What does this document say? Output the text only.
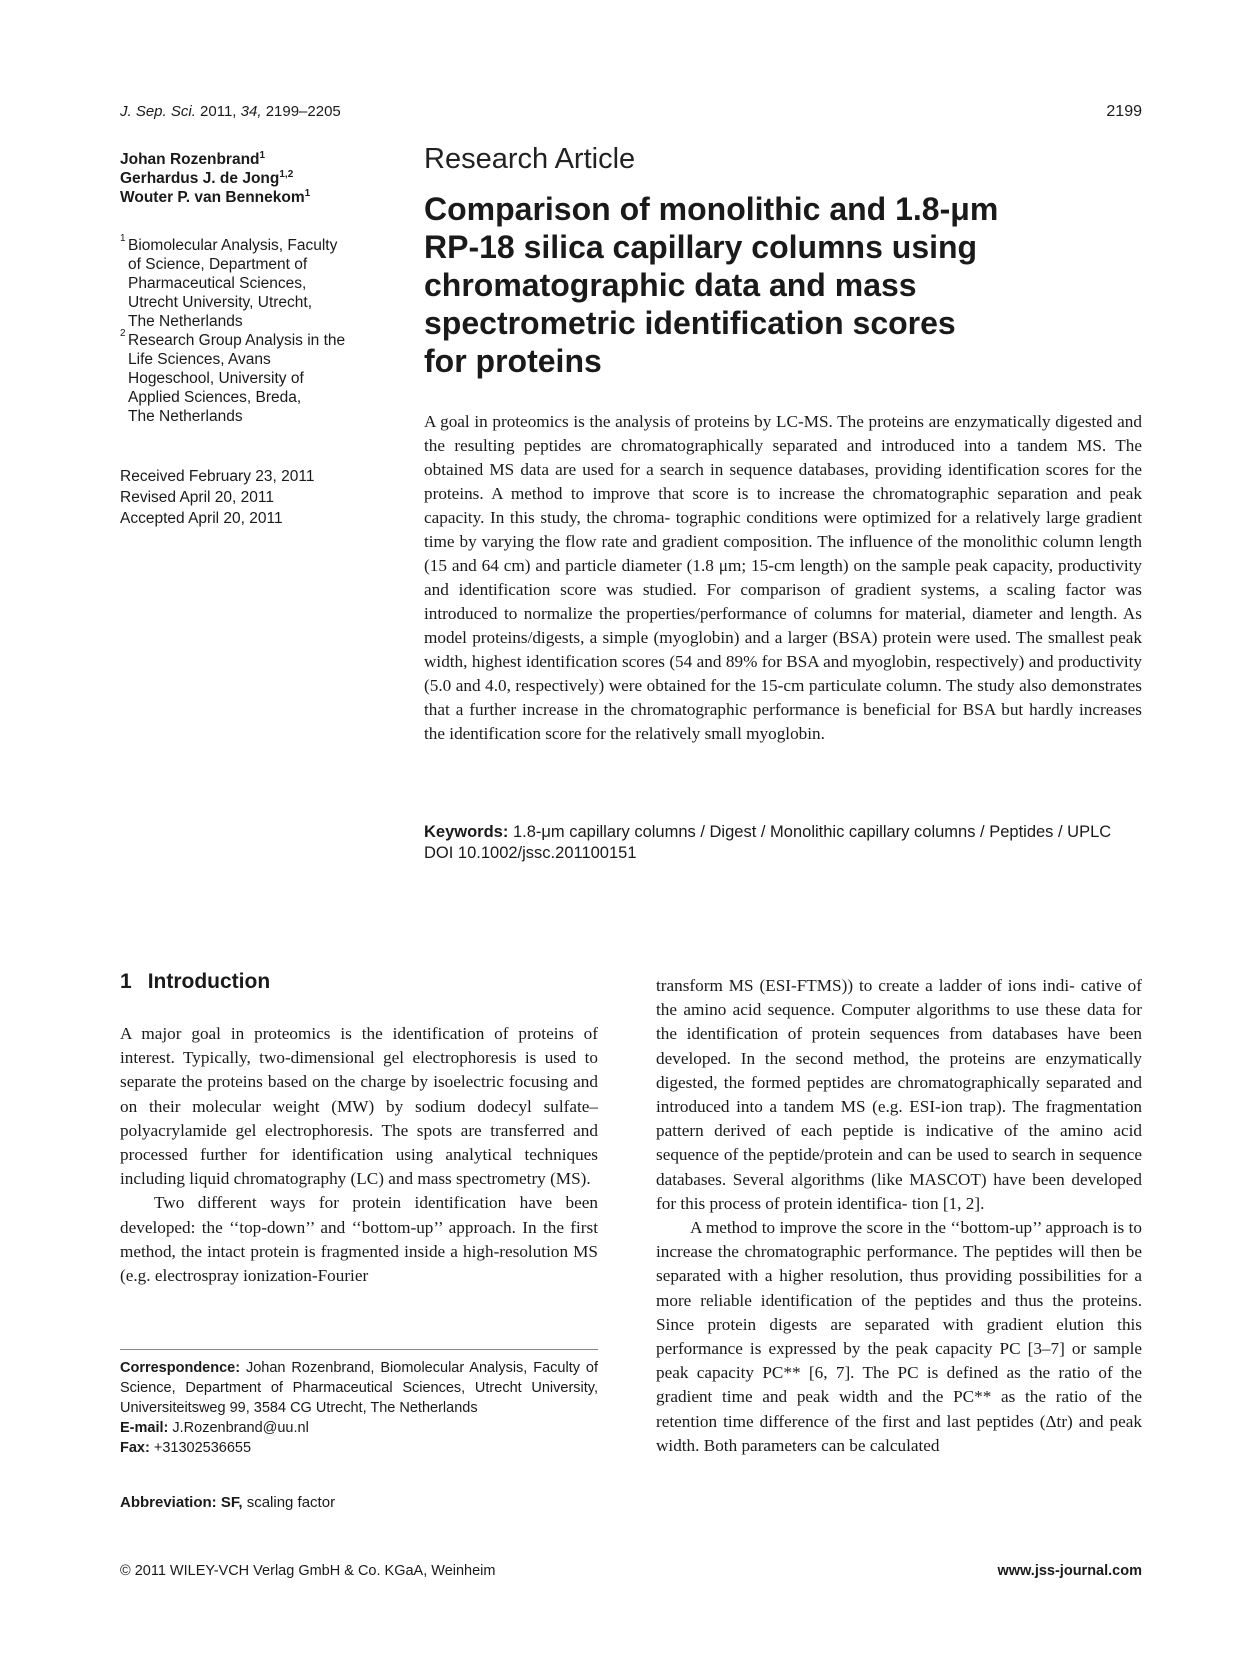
J. Sep. Sci. 2011, 34, 2199–2205	2199
Johan Rozenbrand$^1$
Gerhardus J. de Jong$^{1,2}$
Wouter P. van Bennekom$^1$
1 Biomolecular Analysis, Faculty
of Science, Department of
Pharmaceutical Sciences,
Utrecht University, Utrecht,
The Netherlands
2 Research Group Analysis in the
Life Sciences, Avans
Hogeschool, University of
Applied Sciences, Breda,
The Netherlands
Received February 23, 2011
Revised April 20, 2011
Accepted April 20, 2011
Research Article
Comparison of monolithic and 1.8-μm
RP-18 silica capillary columns using
chromatographic data and mass
spectrometric identification scores
for proteins
A goal in proteomics is the analysis of proteins by LC-MS. The proteins are enzymatically digested and the resulting peptides are chromatographically separated and introduced into a tandem MS. The obtained MS data are used for a search in sequence databases, providing identification scores for the proteins. A method to improve that score is to increase the chromatographic separation and peak capacity. In this study, the chroma- tographic conditions were optimized for a relatively large gradient time by varying the flow rate and gradient composition. The influence of the monolithic column length (15 and 64 cm) and particle diameter (1.8 μm; 15-cm length) on the sample peak capacity, productivity and identification score was studied. For comparison of gradient systems, a scaling factor was introduced to normalize the properties/performance of columns for material, diameter and length. As model proteins/digests, a simple (myoglobin) and a larger (BSA) protein were used. The smallest peak width, highest identification scores (54 and 89% for BSA and myoglobin, respectively) and productivity (5.0 and 4.0, respectively) were obtained for the 15-cm particulate column. The study also demonstrates that a further increase in the chromatographic performance is beneficial for BSA but hardly increases the identification score for the relatively small myoglobin.
Keywords: 1.8-μm capillary columns / Digest / Monolithic capillary columns / Peptides / UPLC
DOI 10.1002/jssc.201100151
1 Introduction

A major goal in proteomics is the identification of proteins of interest. Typically, two-dimensional gel electrophoresis is used to separate the proteins based on the charge by isoelectric focusing and on their molecular weight (MW) by sodium dodecyl sulfate–polyacrylamide gel electrophoresis. The spots are transferred and processed further for identification using analytical techniques including liquid chromatography (LC) and mass spectrometry (MS).

Two different ways for protein identification have been developed: the ‘‘top-down’’ and ‘‘bottom-up’’ approach. In the first method, the intact protein is fragmented inside a high-resolution MS (e.g. electrospray ionization-Fourier

transform MS (ESI-FTMS)) to create a ladder of ions indi- cative of the amino acid sequence. Computer algorithms to use these data for the identification of protein sequences from databases have been developed. In the second method, the proteins are enzymatically digested, the formed peptides are chromatographically separated and introduced into a tandem MS (e.g. ESI-ion trap). The fragmentation pattern derived of each peptide is indicative of the amino acid sequence of the peptide/protein and can be used to search in sequence databases. Several algorithms (like MASCOT) have been developed for this process of protein identifica- tion [1, 2].

A method to improve the score in the ‘‘bottom-up’’ approach is to increase the chromatographic performance. The peptides will then be separated with a higher resolution, thus providing possibilities for a more reliable identification of the peptides and thus the proteins. Since protein digests are separated with gradient elution this performance is expressed by the peak capacity PC [3–7] or sample peak capacity PC** [6, 7]. The PC is defined as the ratio of the gradient time and peak width and the PC** as the ratio of the retention time difference of the first and last peptides (Δtr) and peak width. Both parameters can be calculated

Correspondence: Johan Rozenbrand, Biomolecular Analysis, Faculty of Science, Department of Pharmaceutical Sciences, Utrecht University, Universiteitsweg 99, 3584 CG Utrecht, The Netherlands
E-mail: J.Rozenbrand@uu.nl
Fax: +31302536655
Abbreviation: SF, scaling factor
© 2011 WILEY-VCH Verlag GmbH & Co. KGaA, Weinheim	www.jss-journal.com
